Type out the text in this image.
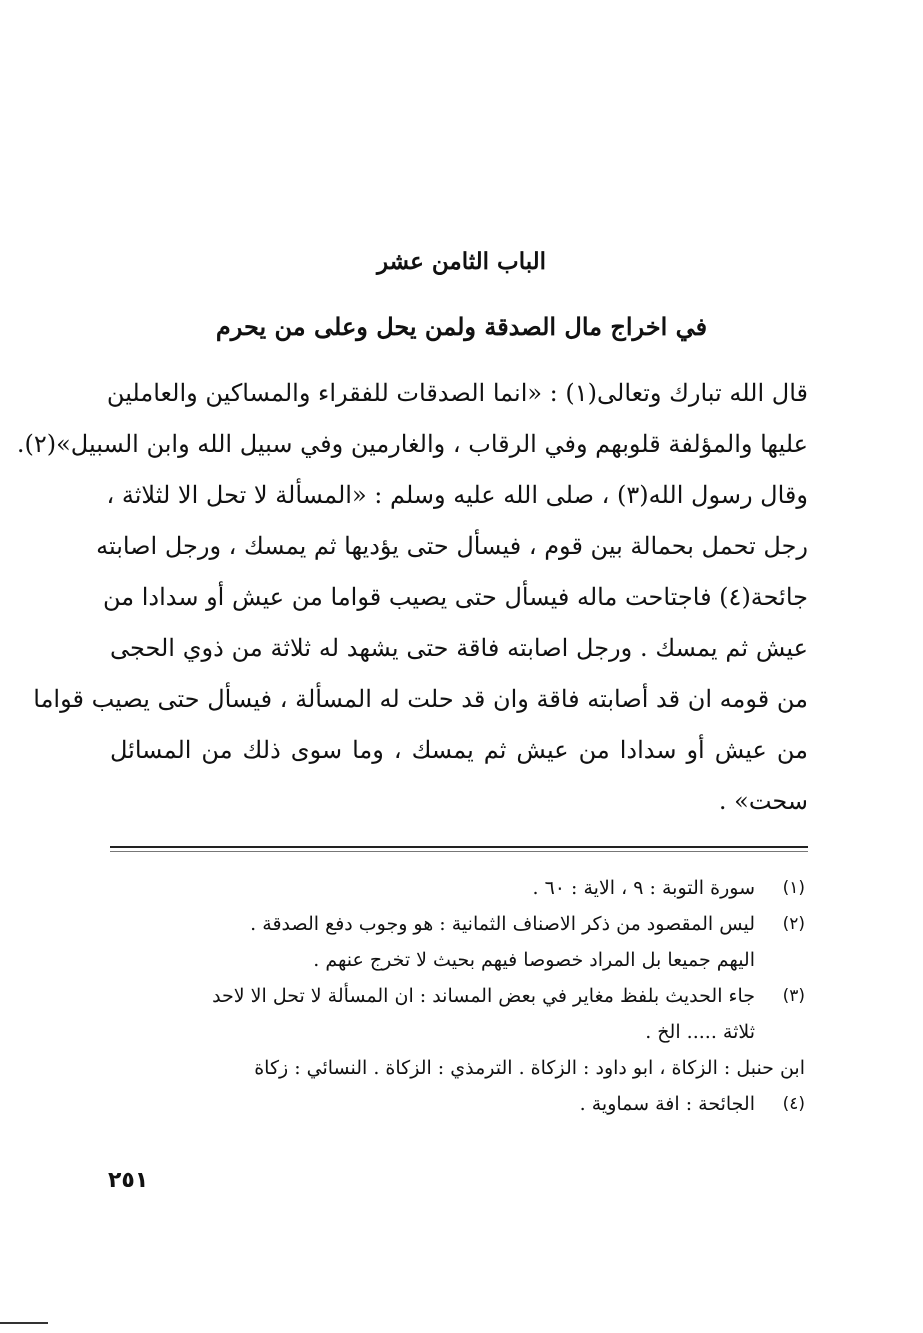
الباب الثامن عشر
في اخراج مال الصدقة ولمن يحل وعلى من يحرم
قال الله تبارك وتعالى(١) : «انما الصدقات للفقراء والمساكين والعاملين
عليها والمؤلفة قلوبهم وفي الرقاب ، والغارمين وفي سبيل الله وابن السبيل»(٢).
وقال رسول الله(٣) ، صلى الله عليه وسلم : «المسألة لا تحل الا لثلاثة ،
رجل تحمل بحمالة بين قوم ، فيسأل حتى يؤديها ثم يمسك ، ورجل اصابته
جائحة(٤) فاجتاحت ماله فيسأل حتى يصيب قواما من عيش أو سدادا من
عيش ثم يمسك . ورجل اصابته فاقة حتى يشهد له ثلاثة من ذوي الحجى
من قومه ان قد أصابته فاقة وان قد حلت له المسألة ، فيسأل حتى يصيب قواما
من عيش أو سدادا من عيش ثم يمسك ، وما سوى ذلك من المسائل
سحت» .
(١)
سورة التوبة : ٩ ، الاية : ٦٠ .
(٢)
ليس المقصود من ذكر الاصناف الثمانية : هو وجوب دفع الصدقة .
اليهم جميعا بل المراد خصوصا فيهم بحيث لا تخرج عنهم .
(٣)
جاء الحديث بلفظ مغاير في بعض المساند : ان المسألة لا تحل الا لاحد
ثلاثة ..... الخ .
ابن حنبل : الزكاة ، ابو داود : الزكاة . الترمذي : الزكاة . النسائي : زكاة
(٤)
الجائحة : افة سماوية .
٢٥١
